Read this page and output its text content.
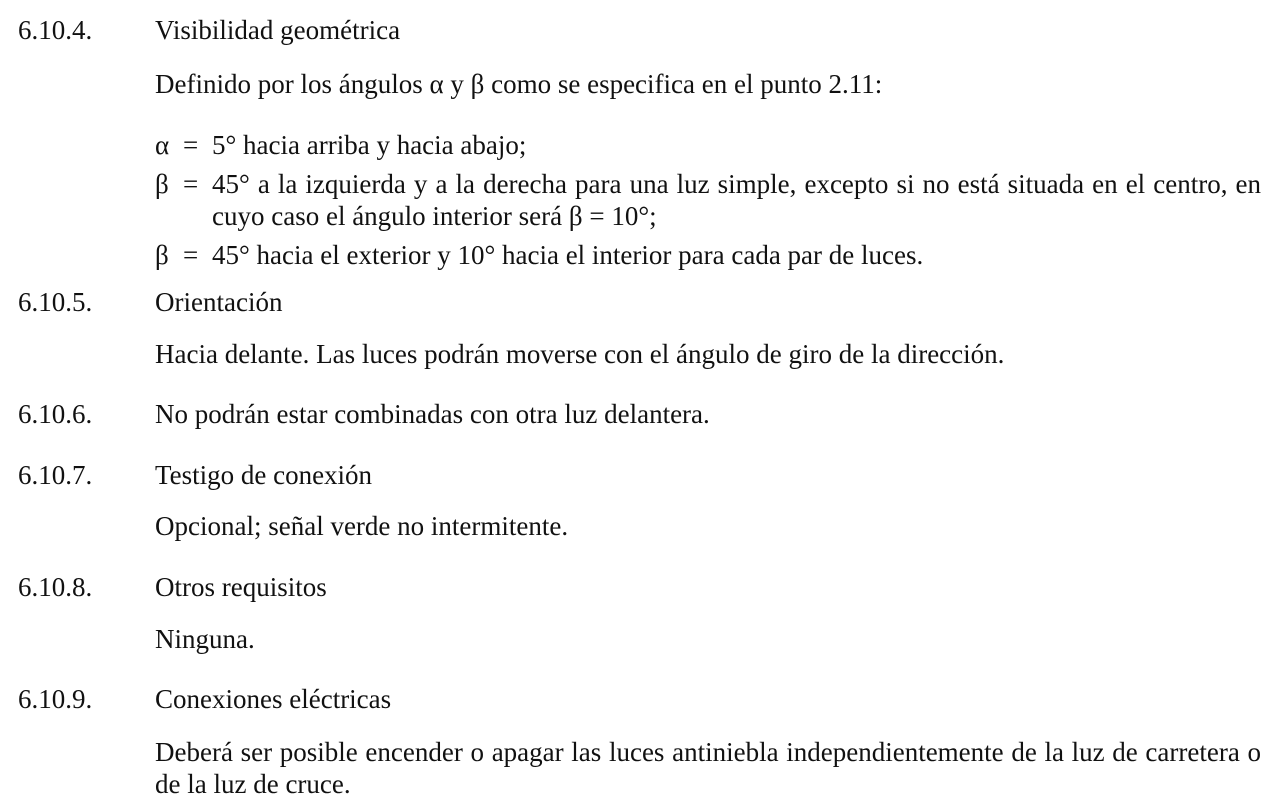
6.10.4. Visibilidad geométrica
Definido por los ángulos α y β como se especifica en el punto 2.11:
α = 5° hacia arriba y hacia abajo;
β = 45° a la izquierda y a la derecha para una luz simple, excepto si no está situada en el centro, en cuyo caso el ángulo interior será β = 10°;
β = 45° hacia el exterior y 10° hacia el interior para cada par de luces.
6.10.5. Orientación
Hacia delante. Las luces podrán moverse con el ángulo de giro de la dirección.
6.10.6. No podrán estar combinadas con otra luz delantera.
6.10.7. Testigo de conexión
Opcional; señal verde no intermitente.
6.10.8. Otros requisitos
Ninguna.
6.10.9. Conexiones eléctricas
Deberá ser posible encender o apagar las luces antiniebla independientemente de la luz de carretera o de la luz de cruce.
